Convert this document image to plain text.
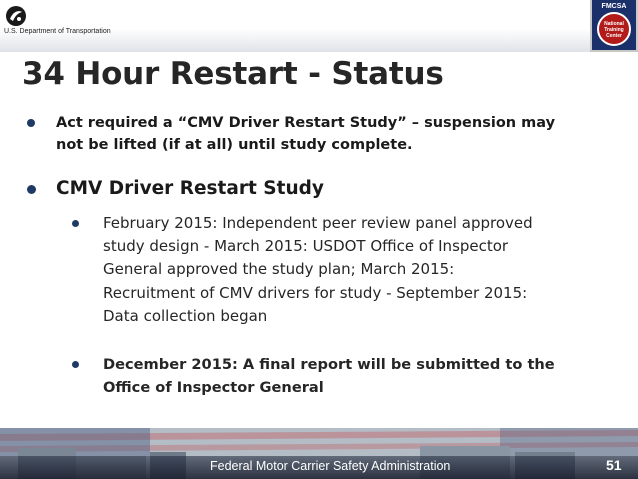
U.S. Department of Transportation
FMCSA
National
Training
Center
34 Hour Restart - Status
Act required a “CMV Driver Restart Study” – suspension may
not be lifted (if at all) until study complete.
CMV Driver Restart Study
February 2015: Independent peer review panel approved
study design - March 2015: USDOT Office of Inspector
General approved the study plan; March 2015:
Recruitment of CMV drivers for study - September 2015:
Data collection began
December 2015: A final report will be submitted to the
Office of Inspector General
Federal Motor Carrier Safety Administration	51
